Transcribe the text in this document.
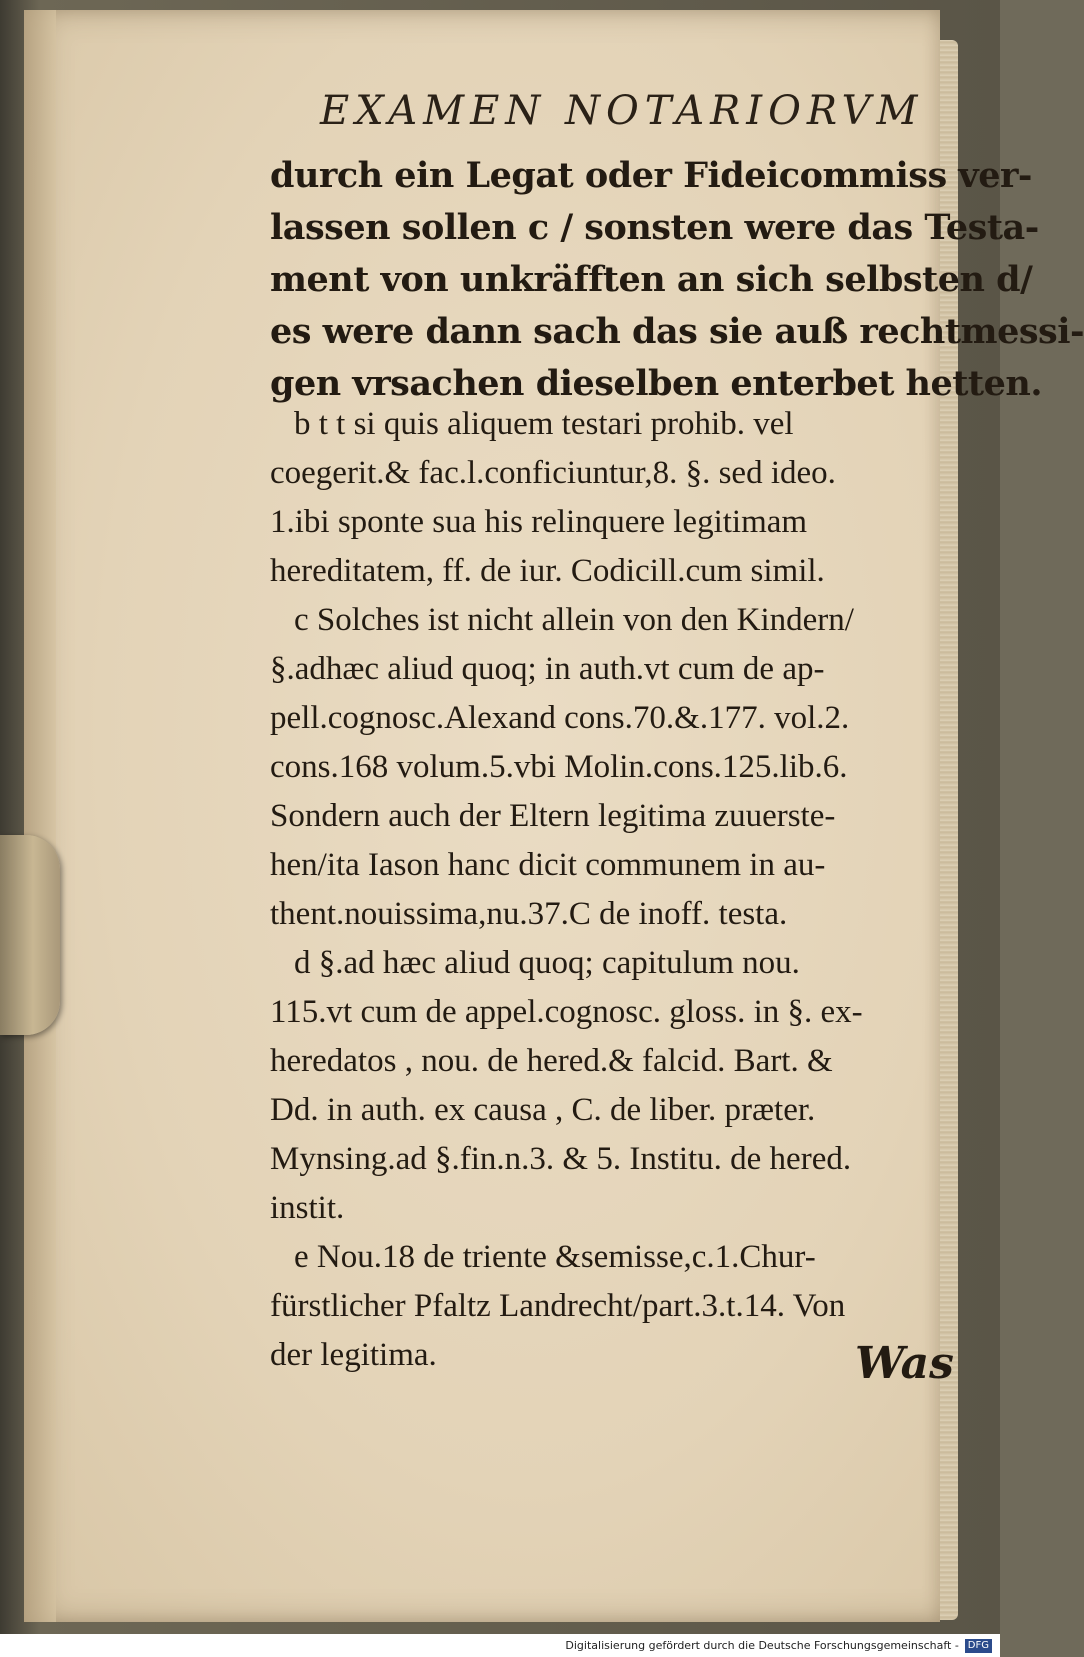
EXAMEN NOTARIORVM
durch ein Legat oder Fideicommiss ver-
lassen sollen c / sonsten were das Testa-
ment von unkräfften an sich selbsten d/
es were dann sach das sie auß rechtmessi-
gen vrsachen dieselben enterbet hetten.
b t t si quis aliquem testari prohib. vel
coegerit.& fac.l.conficiuntur,8. §. sed ideo.
1.ibi sponte sua his relinquere legitimam
hereditatem, ff. de iur. Codicill.cum simil.
c Solches ist nicht allein von den Kindern/
§.adhæc aliud quoq; in auth.vt cum de ap-
pell.cognosc.Alexand cons.70.&.177. vol.2.
cons.168 volum.5.vbi Molin.cons.125.lib.6.
Sondern auch der Eltern legitima zuuerste-
hen/ita Iason hanc dicit communem in au-
thent.nouissima,nu.37.C de inoff. testa.
d §.ad hæc aliud quoq; capitulum nou.
115.vt cum de appel.cognosc. gloss. in §. ex-
heredatos , nou. de hered.& falcid. Bart. &
Dd. in auth. ex causa , C. de liber. præter.
Mynsing.ad §.fin.n.3. & 5. Institu. de hered.
instit.
e Nou.18 de triente &semisse,c.1.Chur-
fürstlicher Pfaltz Landrecht/part.3.t.14. Von
der legitima.	Was
Digitalisierung gefördert durch die Deutsche Forschungsgemeinschaft - DFG
